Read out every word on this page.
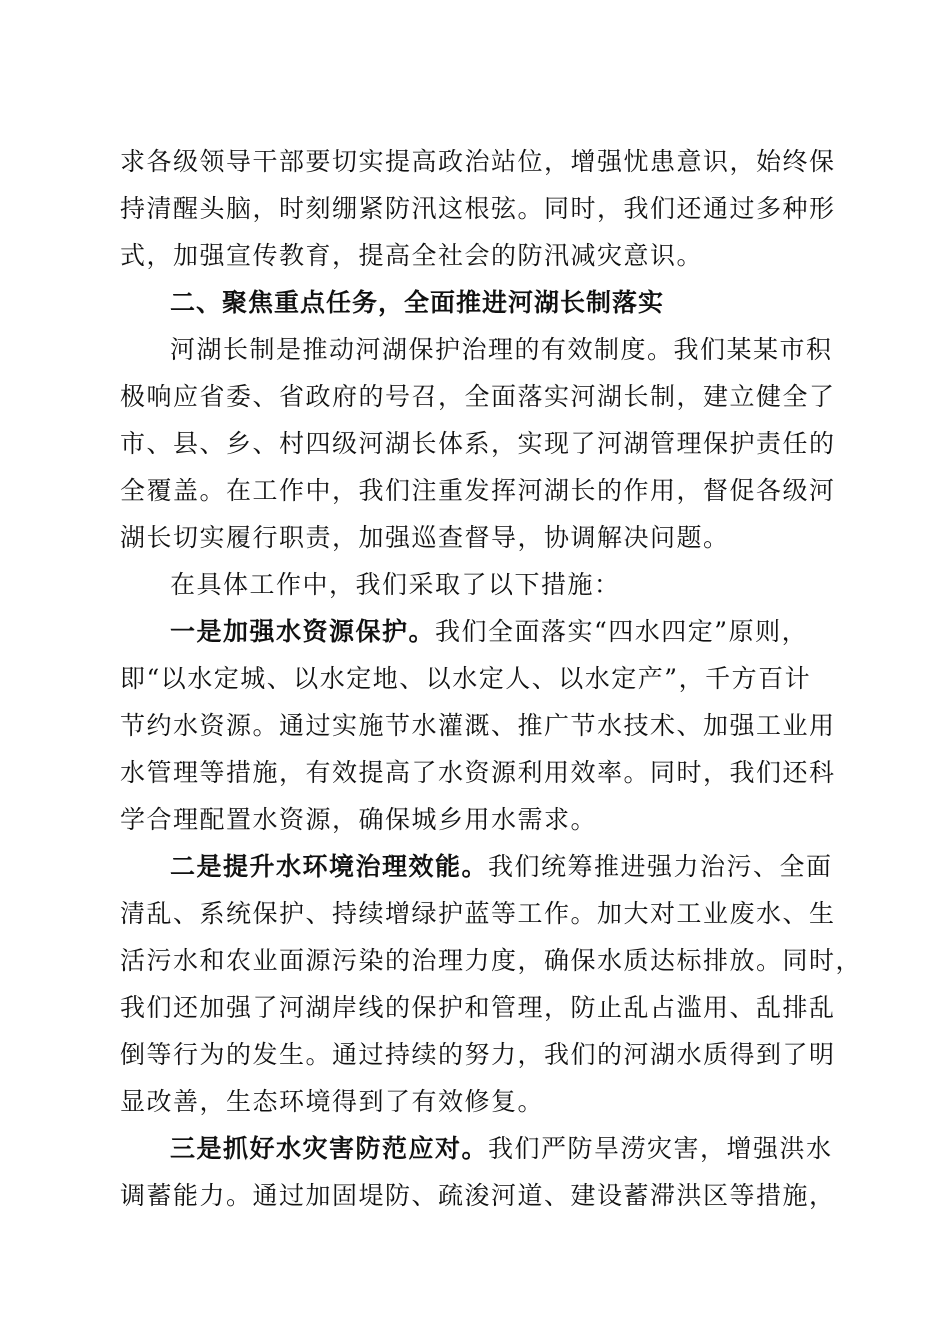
求各级领导干部要切实提高政治站位，增强忧患意识，始终保
持清醒头脑，时刻绷紧防汛这根弦。同时，我们还通过多种形
式，加强宣传教育，提高全社会的防汛减灾意识。
二、聚焦重点任务，全面推进河湖长制落实
河湖长制是推动河湖保护治理的有效制度。我们某某市积
极响应省委、省政府的号召，全面落实河湖长制，建立健全了
市、县、乡、村四级河湖长体系，实现了河湖管理保护责任的
全覆盖。在工作中，我们注重发挥河湖长的作用，督促各级河
湖长切实履行职责，加强巡查督导，协调解决问题。
在具体工作中，我们采取了以下措施：
一是加强水资源保护。我们全面落实“四水四定”原则，
即“以水定城、以水定地、以水定人、以水定产”，千方百计
节约水资源。通过实施节水灌溉、推广节水技术、加强工业用
水管理等措施，有效提高了水资源利用效率。同时，我们还科
学合理配置水资源，确保城乡用水需求。
二是提升水环境治理效能。我们统筹推进强力治污、全面
清乱、系统保护、持续增绿护蓝等工作。加大对工业废水、生
活污水和农业面源污染的治理力度，确保水质达标排放。同时，
我们还加强了河湖岸线的保护和管理，防止乱占滥用、乱排乱
倒等行为的发生。通过持续的努力，我们的河湖水质得到了明
显改善，生态环境得到了有效修复。
三是抓好水灾害防范应对。我们严防旱涝灾害，增强洪水
调蓄能力。通过加固堤防、疏浚河道、建设蓄滞洪区等措施，
